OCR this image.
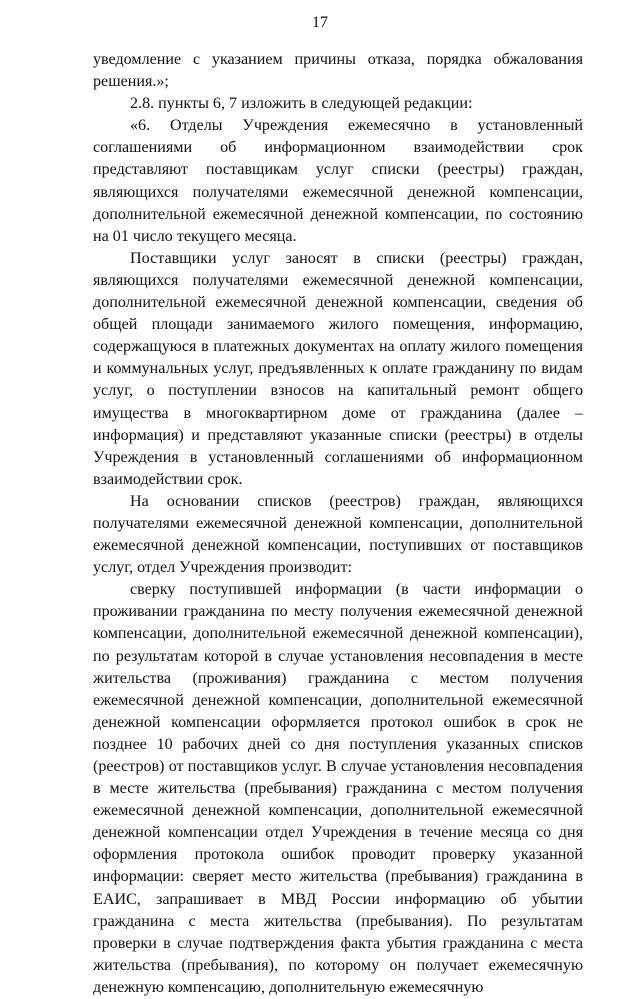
17

уведомление с указанием причины отказа, порядка обжалования решения.»;

2.8. пункты 6, 7 изложить в следующей редакции:

«6. Отделы Учреждения ежемесячно в установленный соглашениями об информационном взаимодействии срок представляют поставщикам услуг списки (реестры) граждан, являющихся получателями ежемесячной денежной компенсации, дополнительной ежемесячной денежной компенсации, по состоянию на 01 число текущего месяца.

Поставщики услуг заносят в списки (реестры) граждан, являющихся получателями ежемесячной денежной компенсации, дополнительной ежемесячной денежной компенсации, сведения об общей площади занимаемого жилого помещения, информацию, содержащуюся в платежных документах на оплату жилого помещения и коммунальных услуг, предъявленных к оплате гражданину по видам услуг, о поступлении взносов на капитальный ремонт общего имущества в многоквартирном доме от гражданина (далее – информация) и представляют указанные списки (реестры) в отделы Учреждения в установленный соглашениями об информационном взаимодействии срок.

На основании списков (реестров) граждан, являющихся получателями ежемесячной денежной компенсации, дополнительной ежемесячной денежной компенсации, поступивших от поставщиков услуг, отдел Учреждения производит:

сверку поступившей информации (в части информации о проживании гражданина по месту получения ежемесячной денежной компенсации, дополнительной ежемесячной денежной компенсации), по результатам которой в случае установления несовпадения в месте жительства (проживания) гражданина с местом получения ежемесячной денежной компенсации, дополнительной ежемесячной денежной компенсации оформляется протокол ошибок в срок не позднее 10 рабочих дней со дня поступления указанных списков (реестров) от поставщиков услуг. В случае установления несовпадения в месте жительства (пребывания) гражданина с местом получения ежемесячной денежной компенсации, дополнительной ежемесячной денежной компенсации отдел Учреждения в течение месяца со дня оформления протокола ошибок проводит проверку указанной информации: сверяет место жительства (пребывания) гражданина в ЕАИС, запрашивает в МВД России информацию об убытии гражданина с места жительства (пребывания). По результатам проверки в случае подтверждения факта убытия гражданина с места жительства (пребывания), по которому он получает ежемесячную денежную компенсацию, дополнительную ежемесячную
